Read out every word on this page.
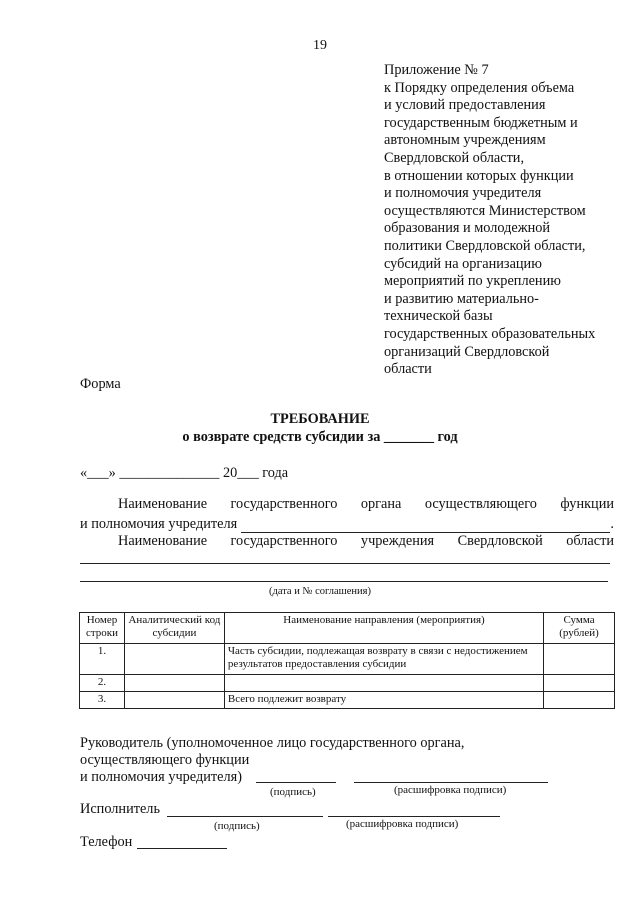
19
Приложение № 7
к Порядку определения объема
и условий предоставления
государственным бюджетным и
автономным учреждениям
Свердловской области,
в отношении которых функции
и полномочия учредителя
осуществляются Министерством
образования и молодежной
политики Свердловской области,
субсидий на организацию
мероприятий по укреплению
и развитию материально-
технической базы
государственных образовательных
организаций Свердловской
области
Форма
ТРЕБОВАНИЕ
о возврате средств субсидии за _______ год
«___» ______________ 20___ года
Наименование государственного органа осуществляющего функции
и полномочия учредителя	.
Наименование государственного учреждения Свердловской области
(дата и № соглашения)
Номер строки	Аналитический код субсидии	Наименование направления (мероприятия)	Сумма (рублей)
1.		Часть субсидии, подлежащая возврату в связи с недостижением результатов предоставления субсидии	
2.			
3.		Всего подлежит возврату	
Руководитель (уполномоченное лицо государственного органа,
осуществляющего функции
и полномочия учредителя)
(подпись)	(расшифровка подписи)
Исполнитель
(подпись)	(расшифровка подписи)
Телефон
